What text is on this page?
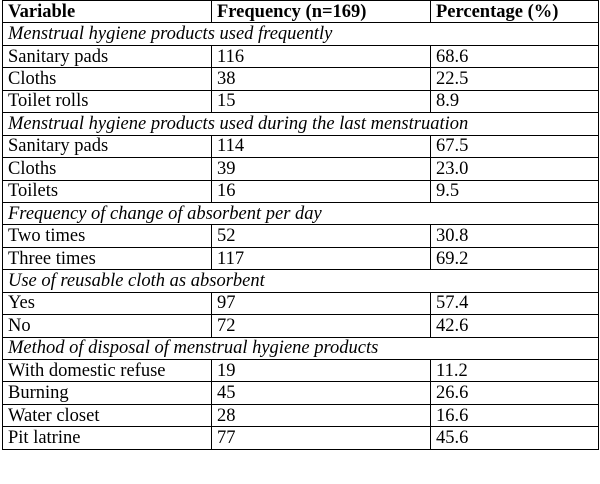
Variable	Frequency (n=169)	Percentage (%)
Menstrual hygiene products used frequently		
Sanitary pads	116	68.6
Cloths	38	22.5
Toilet rolls	15	8.9
Menstrual hygiene products used during the last menstruation		
Sanitary pads	114	67.5
Cloths	39	23.0
Toilets	16	9.5
Frequency of change of absorbent per day		
Two times	52	30.8
Three times	117	69.2
Use of reusable cloth as absorbent		
Yes	97	57.4
No	72	42.6
Method of disposal of menstrual hygiene products		
With domestic refuse	19	11.2
Burning	45	26.6
Water closet	28	16.6
Pit latrine	77	45.6
